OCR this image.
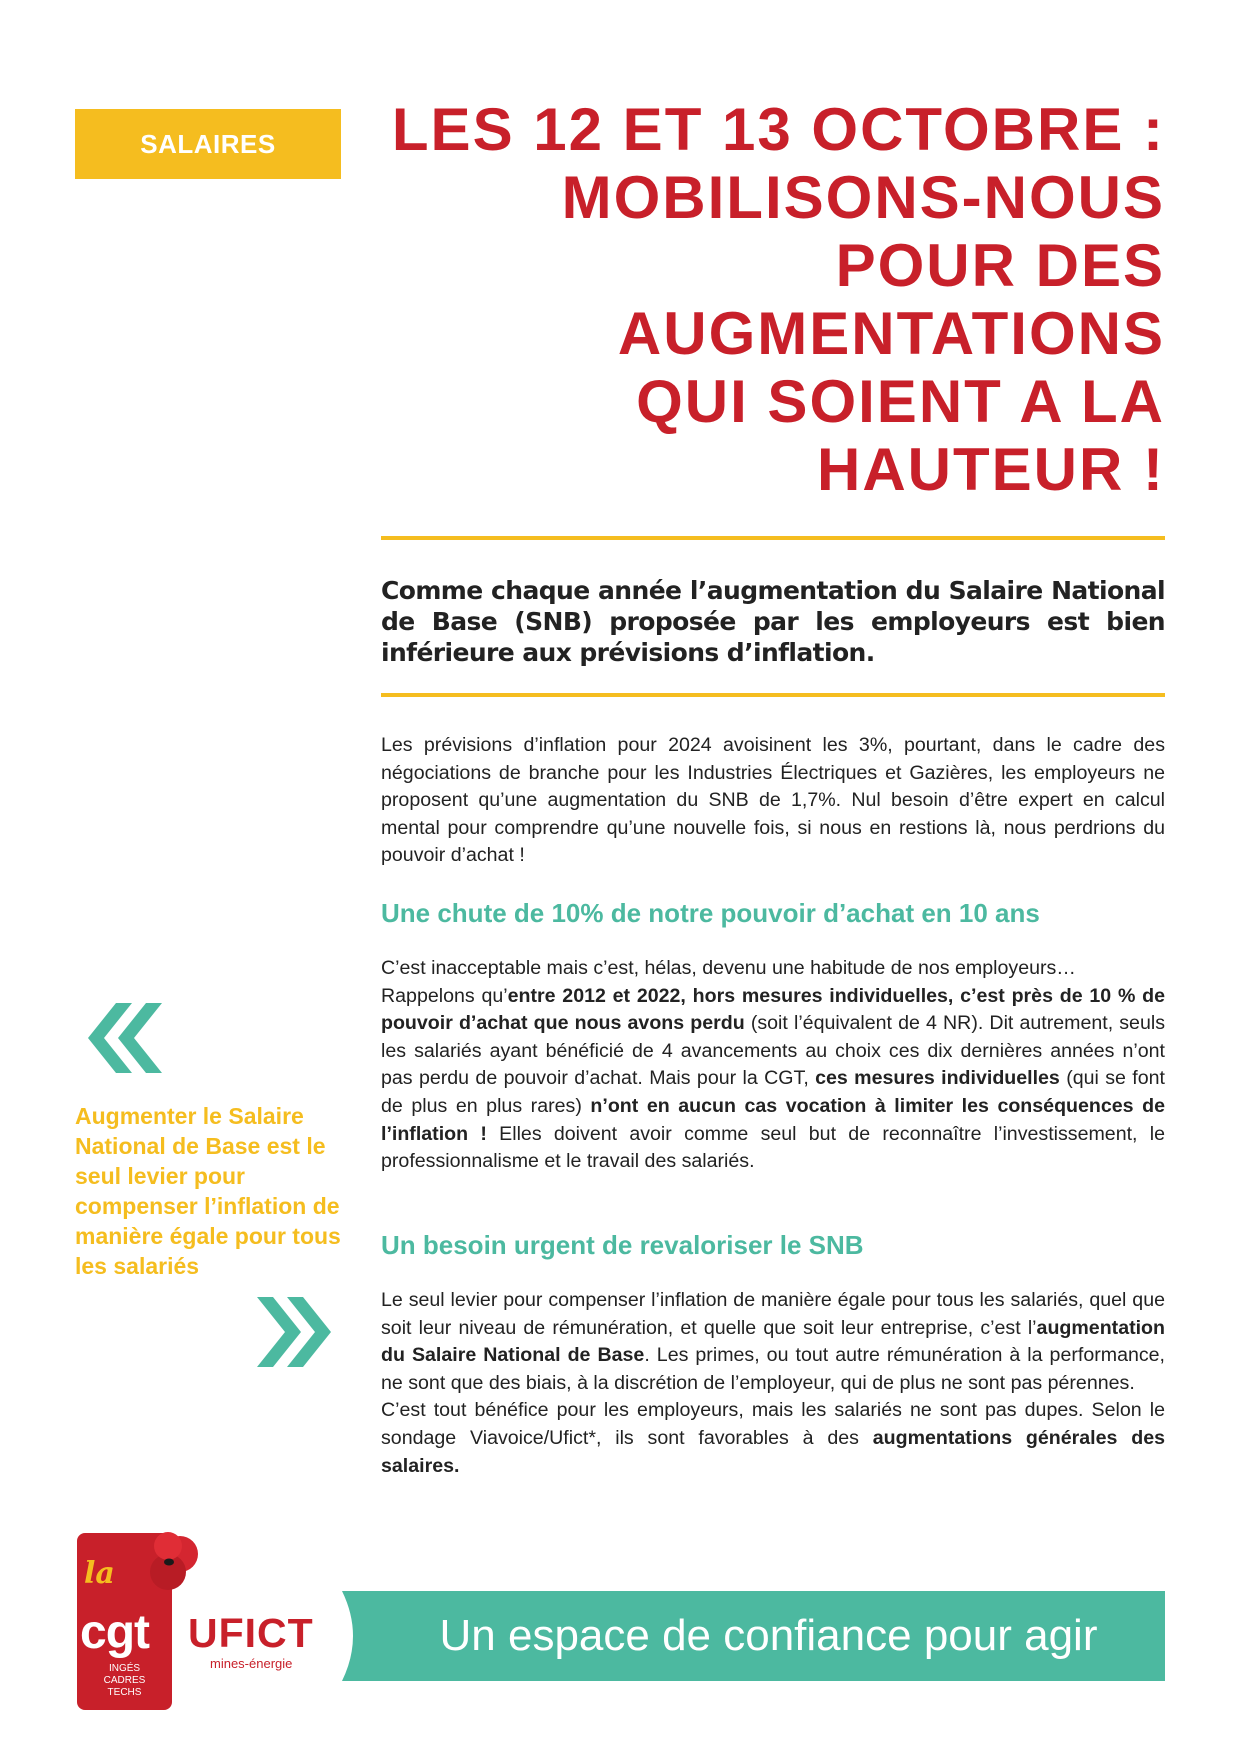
SALAIRES	LES 12 ET 13 OCTOBRE :
MOBILISONS-NOUS
POUR DES
AUGMENTATIONS
QUI SOIENT A LA
HAUTEUR !
Comme chaque année l’augmentation du Salaire National de Base (SNB) proposée par les employeurs est bien inférieure aux prévisions d’inflation.

Les prévisions d’inflation pour 2024 avoisinent les 3%, pourtant, dans le cadre des négociations de branche pour les Industries Électriques et Gazières, les employeurs ne proposent qu’une augmentation du SNB de 1,7%. Nul besoin d’être expert en calcul mental pour comprendre qu’une nouvelle fois, si nous en restions là, nous perdrions du pouvoir d’achat !

Une chute de 10% de notre pouvoir d’achat en 10 ans

C’est inacceptable mais c’est, hélas, devenu une habitude de nos employeurs…

Rappelons qu’entre 2012 et 2022, hors mesures individuelles, c’est près de 10 % de pouvoir d’achat que nous avons perdu (soit l’équivalent de 4 NR). Dit autrement, seuls les salariés ayant bénéficié de 4 avancements au choix ces dix dernières années n’ont pas perdu de pouvoir d’achat. Mais pour la CGT, ces mesures individuelles (qui se font de plus en plus rares) n’ont en aucun cas vocation à limiter les conséquences de l’inflation ! Elles doivent avoir comme seul but de reconnaître l’investissement, le professionnalisme et le travail des salariés.

Un besoin urgent de revaloriser le SNB

Le seul levier pour compenser l’inflation de manière égale pour tous les salariés, quel que soit leur niveau de rémunération, et quelle que soit leur entreprise, c’est l’augmentation du Salaire National de Base. Les primes, ou tout autre rémunération à la performance, ne sont que des biais, à la discrétion de l’employeur, qui de plus ne sont pas pérennes.

C’est tout bénéfice pour les employeurs, mais les salariés ne sont pas dupes. Selon le sondage Viavoice/Ufict*, ils sont favorables à des augmentations générales des salaires.

Augmenter le Salaire National de Base est le seul levier pour compenser l’inflation de manière égale pour tous les salariés
la
cgt
INGÉS
CADRES
TECHS
UFICT
mines-énergie
Un espace de confiance pour agir
